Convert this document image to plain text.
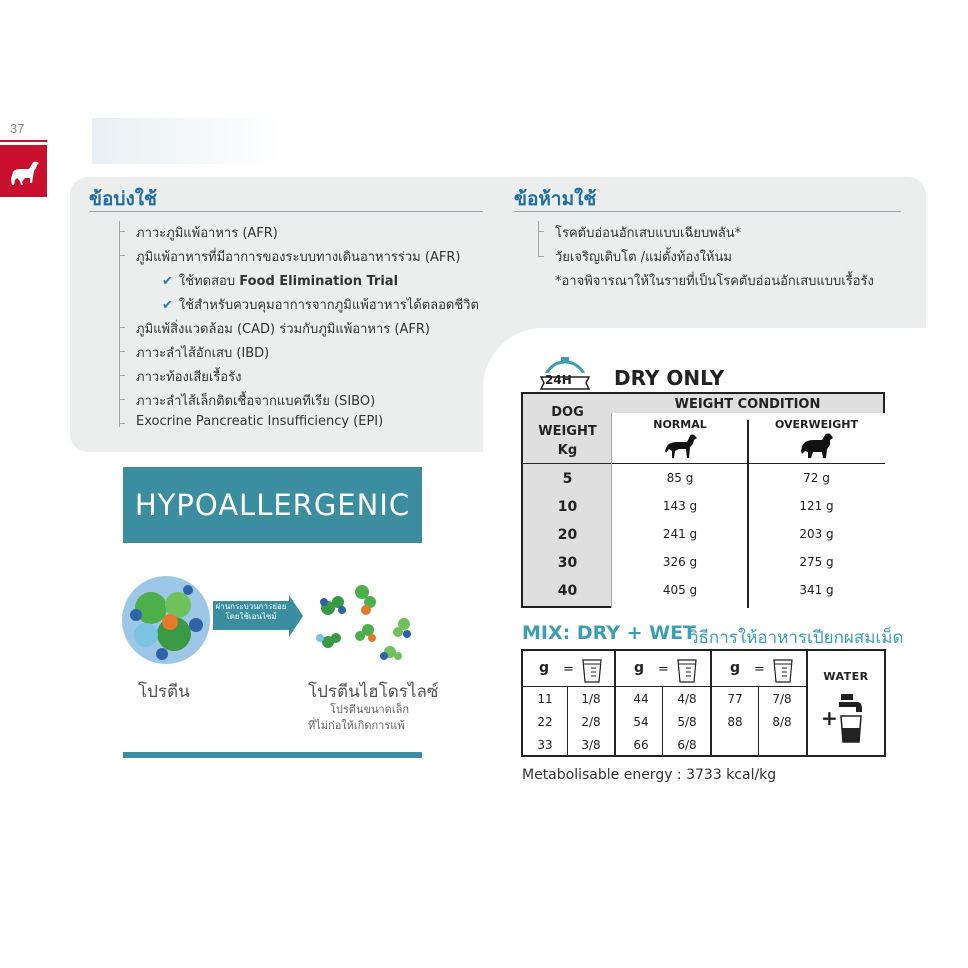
37
ข้อบ่งใช้
ภาวะภูมิแพ้อาหาร (AFR)
ภูมิแพ้อาหารที่มีอาการของระบบทางเดินอาหารร่วม (AFR)
✔ ใช้ทดสอบ Food Elimination Trial
✔ ใช้สำหรับควบคุมอาการจากภูมิแพ้อาหารได้ตลอดชีวิต
ภูมิแพ้สิ่งแวดล้อม (CAD) ร่วมกับภูมิแพ้อาหาร (AFR)
ภาวะลำไส้อักเสบ (IBD)
ภาวะท้องเสียเรื้อรัง
ภาวะลำไส้เล็กติดเชื้อจากแบคทีเรีย (SIBO)
Exocrine Pancreatic Insufficiency (EPI)
ข้อห้ามใช้
โรคตับอ่อนอักเสบแบบเฉียบพลัน*
วัยเจริญเติบโต /แม่ตั้งท้องให้นม
*อาจพิจารณาให้ในรายที่เป็นโรคตับอ่อนอักเสบแบบเรื้อรัง
HYPOALLERGENIC
ผ่านกระบวนการย่อย
โดยใช้เอนไซม์
โปรตีน	โปรตีนไฮโดรไลซ์
โปรตีนขนาดเล็ก
ที่ไม่ก่อให้เกิดการแพ้
24H DRY ONLY
WEIGHT CONDITION
DOG
WEIGHT
Kg
NORMAL	OVERWEIGHT
5	85 g	72 g
10	143 g	121 g
20	241 g	203 g
30	326 g	275 g
40	405 g	341 g
MIX: DRY + WET
วิธีการให้อาหารเปียกผสมเม็ด
g =	g =	g =
11	1/8	44	4/8	77	7/8
22	2/8	54	5/8	88	8/8
33	3/8	66	6/8
WATER
+
Metabolisable energy : 3733 kcal/kg
